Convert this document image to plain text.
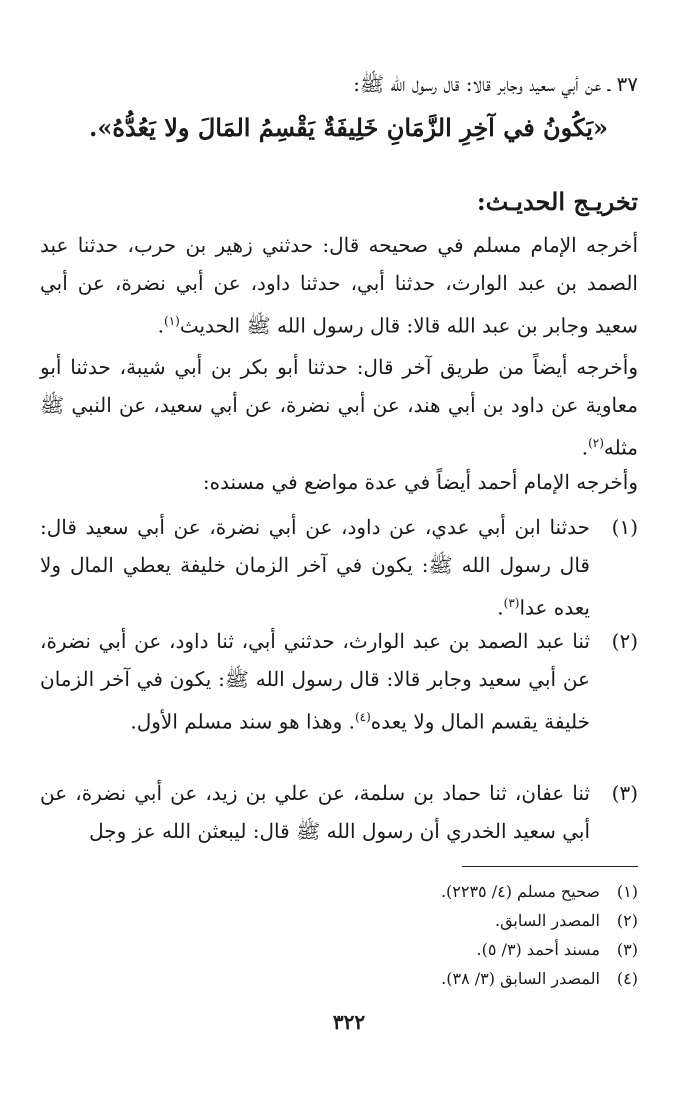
٣٧ ـ عن أبي سعيد وجابر قالا: قال رسول الله ﷺ:
«يَكُونُ في آخِرِ الزَّمَانِ خَلِيفَةٌ يَقْسِمُ المَالَ ولا يَعُدُّهُ».
تخريـج الحديـث:
أخرجه الإمام مسلم في صحيحه قال: حدثني زهير بن حرب، حدثنا عبد الصمد بن عبد الوارث، حدثنا أبي، حدثنا داود، عن أبي نضرة، عن أبي سعيد وجابر بن عبد الله قالا: قال رسول الله ﷺ الحديث$^{(١)}$.
وأخرجه أيضاً من طريق آخر قال: حدثنا أبو بكر بن أبي شيبة، حدثنا أبو معاوية عن داود بن أبي هند، عن أبي نضرة، عن أبي سعيد، عن النبي ﷺ مثله$^{(٢)}$.
وأخرجه الإمام أحمد أيضاً في عدة مواضع في مسنده:
(١)
حدثنا ابن أبي عدي، عن داود، عن أبي نضرة، عن أبي سعيد قال: قال رسول الله ﷺ: يكون في آخر الزمان خليفة يعطي المال ولا يعده عدا$^{(٣)}$.
(٢)
ثنا عبد الصمد بن عبد الوارث، حدثني أبي، ثنا داود، عن أبي نضرة، عن أبي سعيد وجابر قالا: قال رسول الله ﷺ: يكون في آخر الزمان خليفة يقسم المال ولا يعده$^{(٤)}$. وهذا هو سند مسلم الأول.
(٣)
ثنا عفان، ثنا حماد بن سلمة، عن علي بن زيد، عن أبي نضرة، عن أبي سعيد الخدري أن رسول الله ﷺ قال: ليبعثن الله عز وجل
(١)
صحيح مسلم (٤/ ٢٢٣٥).
(٢)
المصدر السابق.
(٣)
مسند أحمد (٣/ ٥).
(٤)
المصدر السابق (٣/ ٣٨).
٣٢٢
